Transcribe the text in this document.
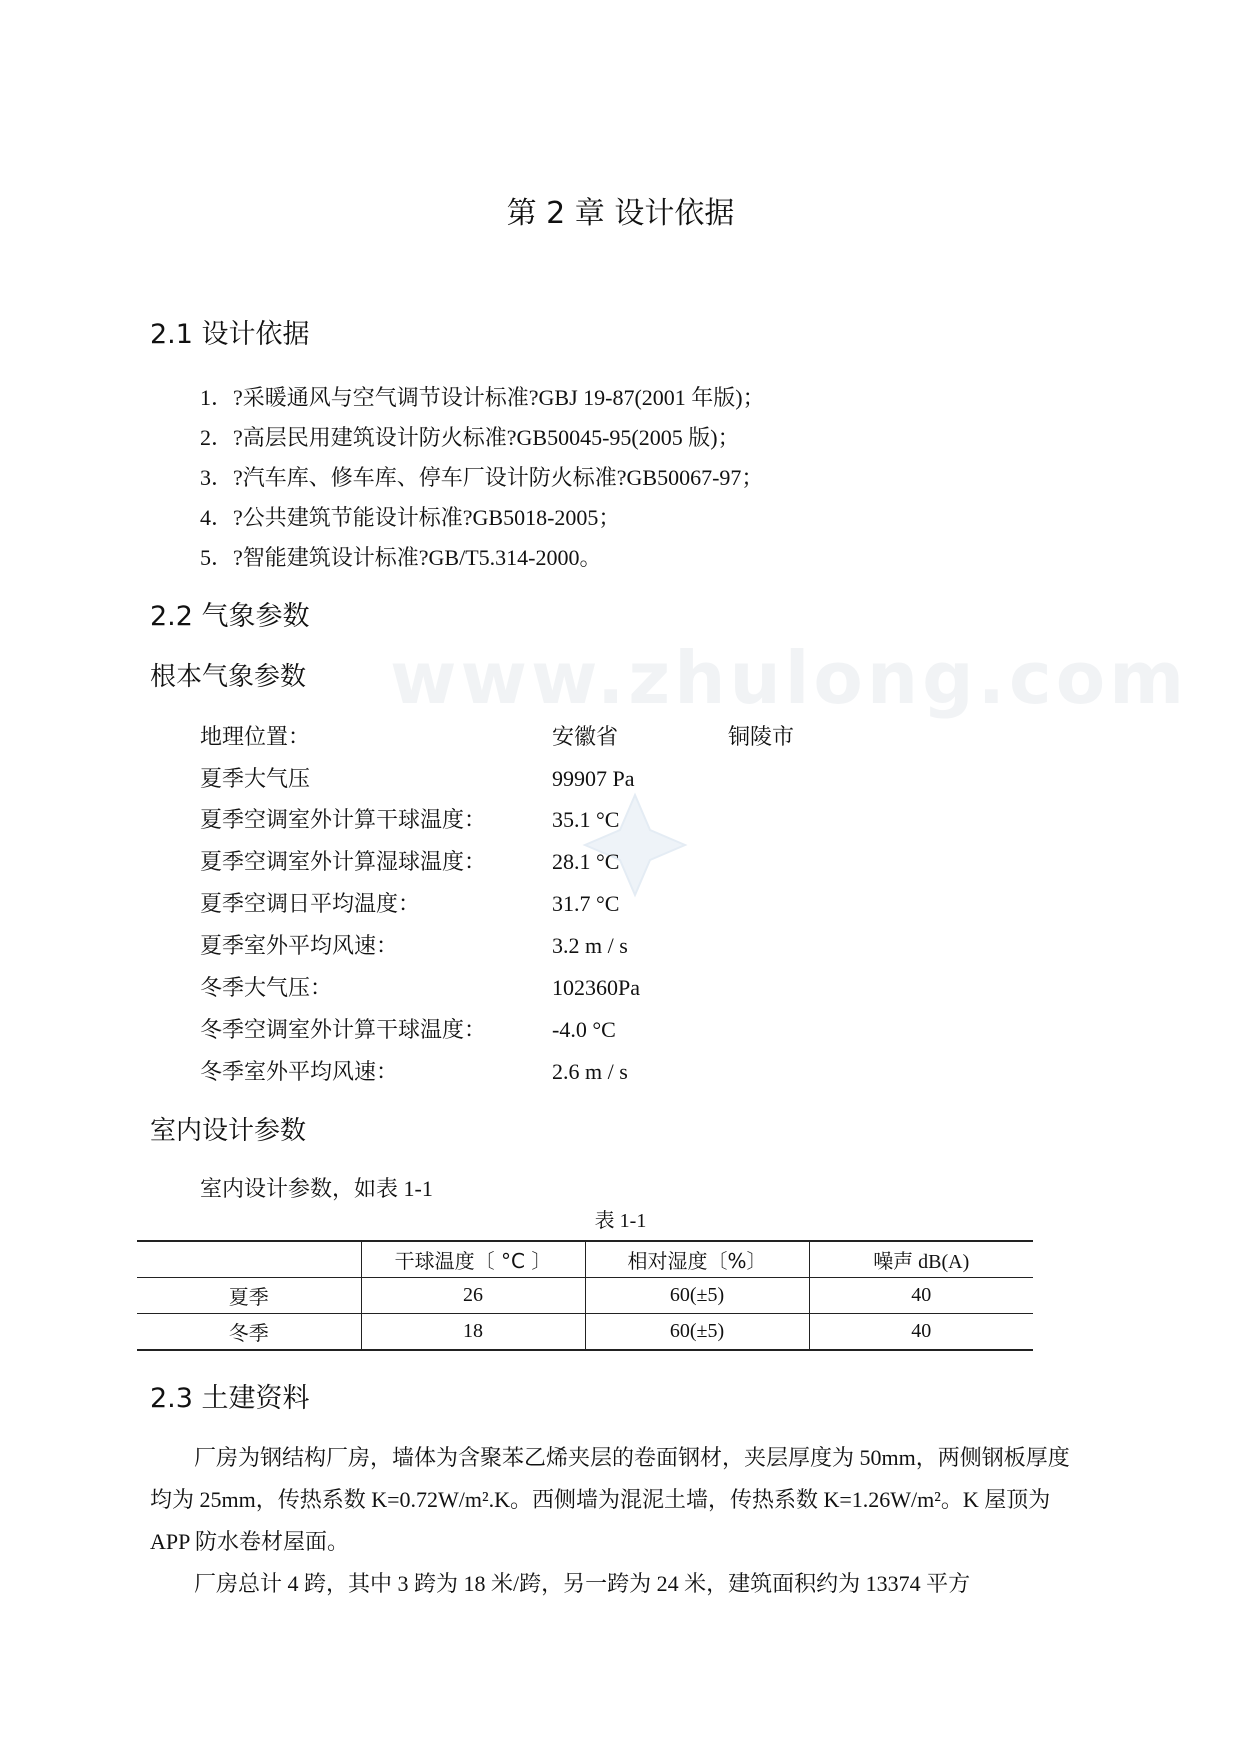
www.zhulong.com
第 2 章 设计依据
2.1 设计依据
1．?采暖通风与空气调节设计标准?GBJ 19-87(2001 年版)；
2．?高层民用建筑设计防火标准?GB50045-95(2005 版)；
3．?汽车库、修车库、停车厂设计防火标准?GB50067-97；
4．?公共建筑节能设计标准?GB5018-2005；
5．?智能建筑设计标准?GB/T5.314-2000。
2.2 气象参数
根本气象参数
地理位置：	安徽省	铜陵市
夏季大气压	99907 Pa
夏季空调室外计算干球温度：	35.1 °C
夏季空调室外计算湿球温度：	28.1 °C
夏季空调日平均温度：	31.7 °C
夏季室外平均风速：	3.2 m / s
冬季大气压：	102360Pa
冬季空调室外计算干球温度：	-4.0 °C
冬季室外平均风速：	2.6 m / s
室内设计参数
室内设计参数，如表 1-1
表 1-1
	干球温度〔 °C 〕	相对湿度〔%〕	噪声 dB(A)
夏季	26	60(±5)	40
冬季	18	60(±5)	40
2.3 土建资料
厂房为钢结构厂房，墙体为含聚苯乙烯夹层的卷面钢材，夹层厚度为 50mm，两侧钢板厚度均为 25mm，传热系数 K=0.72W/m².K。西侧墙为混泥土墙，传热系数 K=1.26W/m²。K 屋顶为 APP 防水卷材屋面。
厂房总计 4 跨，其中 3 跨为 18 米/跨，另一跨为 24 米，建筑面积约为 13374 平方
